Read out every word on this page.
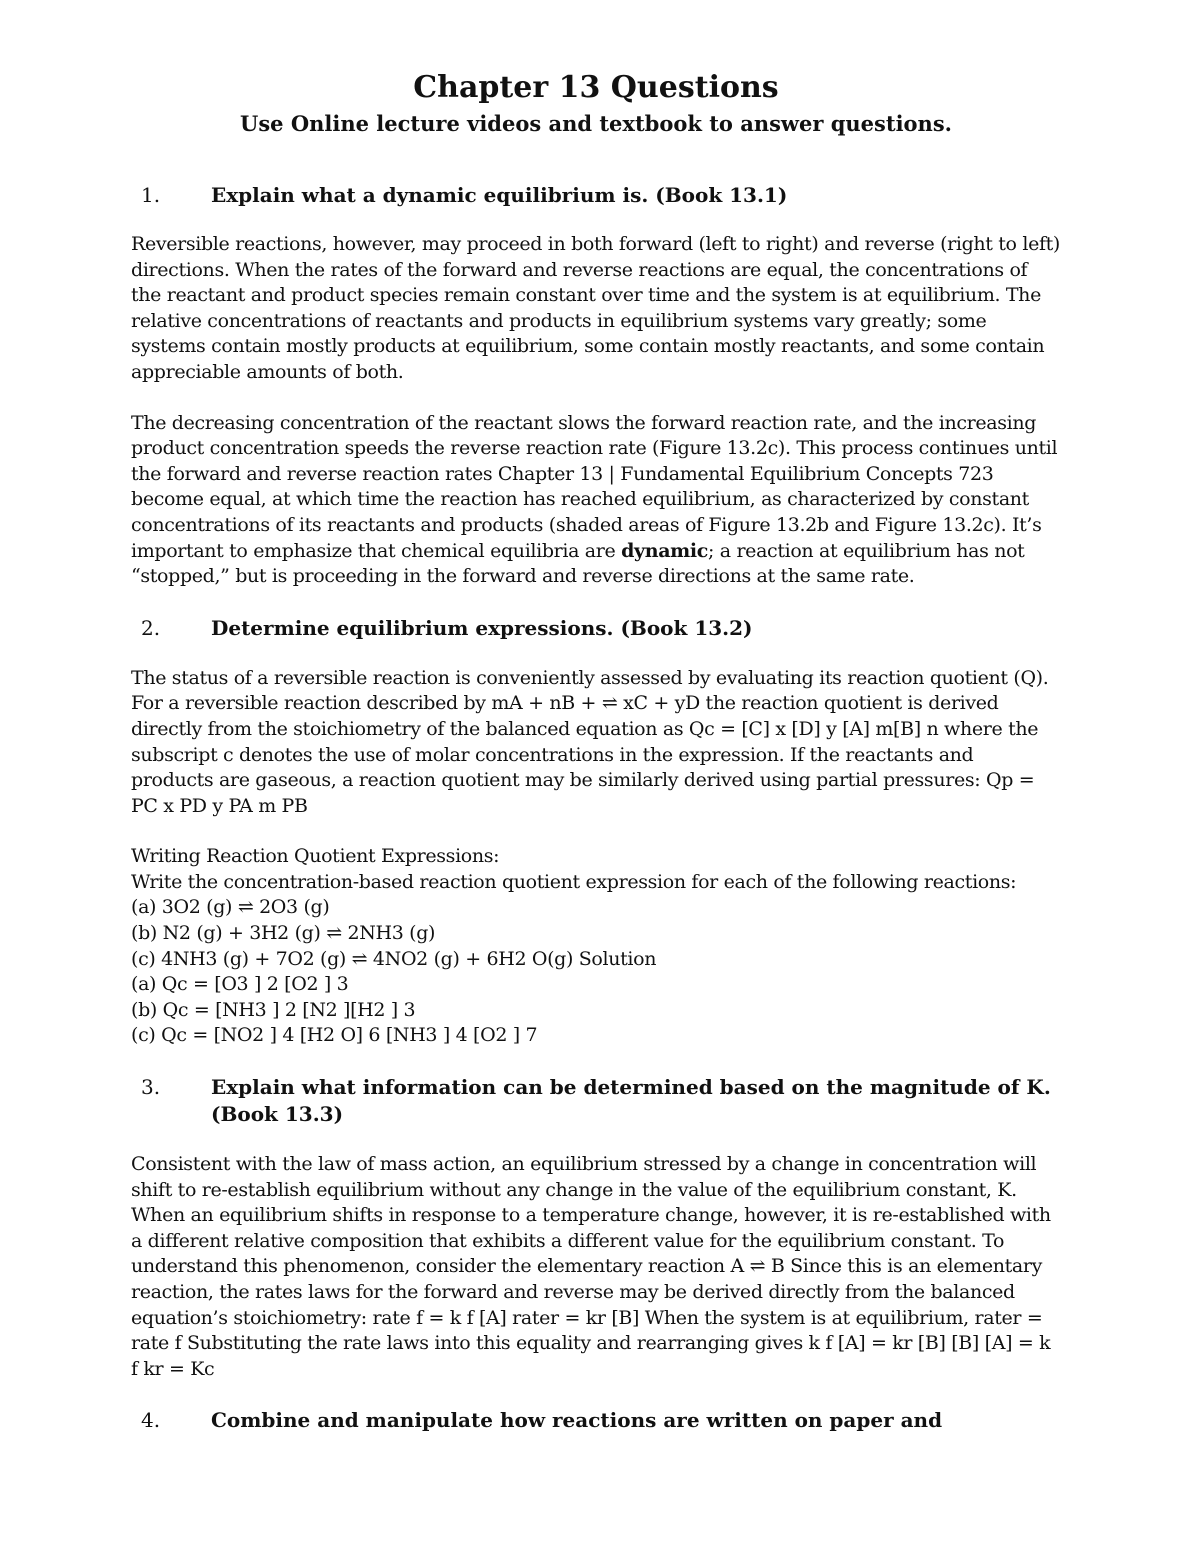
Chapter 13 Questions
Use Online lecture videos and textbook to answer questions.
1.	Explain what a dynamic equilibrium is. (Book 13.1)

Reversible reactions, however, may proceed in both forward (left to right) and reverse (right to left) directions. When the rates of the forward and reverse reactions are equal, the concentrations of the reactant and product species remain constant over time and the system is at equilibrium. The relative concentrations of reactants and products in equilibrium systems vary greatly; some systems contain mostly products at equilibrium, some contain mostly reactants, and some contain appreciable amounts of both.

The decreasing concentration of the reactant slows the forward reaction rate, and the increasing product concentration speeds the reverse reaction rate (Figure 13.2c). This process continues until the forward and reverse reaction rates Chapter 13 | Fundamental Equilibrium Concepts 723 become equal, at which time the reaction has reached equilibrium, as characterized by constant concentrations of its reactants and products (shaded areas of Figure 13.2b and Figure 13.2c). It’s important to emphasize that chemical equilibria are dynamic; a reaction at equilibrium has not “stopped,” but is proceeding in the forward and reverse directions at the same rate.

2.	Determine equilibrium expressions. (Book 13.2)

The status of a reversible reaction is conveniently assessed by evaluating its reaction quotient (Q). For a reversible reaction described by mA + nB + ⇌ xC + yD the reaction quotient is derived directly from the stoichiometry of the balanced equation as Qc = [C] x [D] y [A] m[B] n where the subscript c denotes the use of molar concentrations in the expression. If the reactants and products are gaseous, a reaction quotient may be similarly derived using partial pressures: Qp = PC x PD y PA m PB

Writing Reaction Quotient Expressions:
Write the concentration-based reaction quotient expression for each of the following reactions:
(a) 3O2 (g) ⇌ 2O3 (g)
(b) N2 (g) + 3H2 (g) ⇌ 2NH3 (g)
(c) 4NH3 (g) + 7O2 (g) ⇌ 4NO2 (g) + 6H2 O(g) Solution
(a) Qc = [O3 ] 2 [O2 ] 3
(b) Qc = [NH3 ] 2 [N2 ][H2 ] 3
(c) Qc = [NO2 ] 4 [H2 O] 6 [NH3 ] 4 [O2 ] 7

3.	Explain what information can be determined based on the magnitude of K. (Book 13.3)

Consistent with the law of mass action, an equilibrium stressed by a change in concentration will shift to re-establish equilibrium without any change in the value of the equilibrium constant, K. When an equilibrium shifts in response to a temperature change, however, it is re-established with a different relative composition that exhibits a different value for the equilibrium constant. To understand this phenomenon, consider the elementary reaction A ⇌ B Since this is an elementary reaction, the rates laws for the forward and reverse may be derived directly from the balanced equation’s stoichiometry: rate f = k f [A] rater = kr [B] When the system is at equilibrium, rater = rate f Substituting the rate laws into this equality and rearranging gives k f [A] = kr [B] [B] [A] = k f kr = Kc

4.	Combine and manipulate how reactions are written on paper and
